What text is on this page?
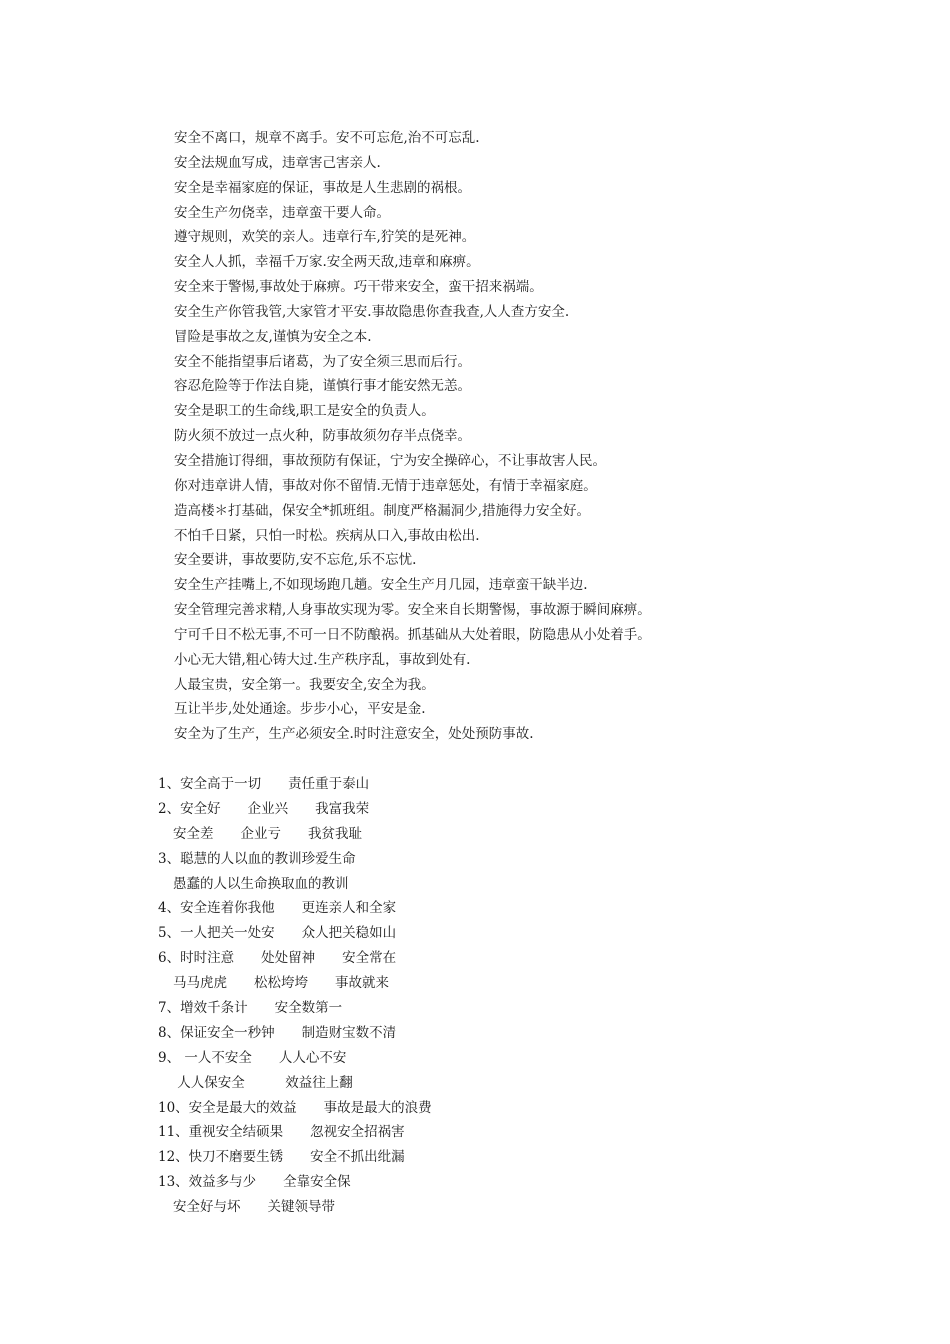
安全不离口，规章不离手。安不可忘危,治不可忘乱.
安全法规血写成，违章害己害亲人.
安全是幸福家庭的保证，事故是人生悲剧的祸根。
安全生产勿侥幸，违章蛮干要人命。
遵守规则，欢笑的亲人。违章行车,狞笑的是死神。
安全人人抓，幸福千万家.安全两天敌,违章和麻痹。
安全来于警惕,事故处于麻痹。巧干带来安全，蛮干招来祸端。
安全生产你管我管,大家管才平安.事故隐患你查我查,人人查方安全.
冒险是事故之友,谨慎为安全之本.
安全不能指望事后诸葛，为了安全须三思而后行。
容忍危险等于作法自毙，谨慎行事才能安然无恙。
安全是职工的生命线,职工是安全的负责人。
防火须不放过一点火种，防事故须勿存半点侥幸。
安全措施订得细，事故预防有保证，宁为安全操碎心，不让事故害人民。
你对违章讲人情，事故对你不留情.无情于违章惩处，有情于幸福家庭。
造高楼＊打基础，保安全*抓班组。制度严格漏洞少,措施得力安全好。
不怕千日紧，只怕一时松。疾病从口入,事故由松出.
安全要讲，事故要防,安不忘危,乐不忘忧.
安全生产挂嘴上,不如现场跑几趟。安全生产月几园，违章蛮干缺半边.
安全管理完善求精,人身事故实现为零。安全来自长期警惕，事故源于瞬间麻痹。
宁可千日不松无事,不可一日不防酿祸。抓基础从大处着眼，防隐患从小处着手。
小心无大错,粗心铸大过.生产秩序乱，事故到处有.
人最宝贵，安全第一。我要安全,安全为我。
互让半步,处处通途。步步小心，平安是金.
安全为了生产，生产必须安全.时时注意安全，处处预防事故.
1、安全高于一切　　责任重于泰山
2、安全好　　企业兴　　我富我荣
安全差　　企业亏　　我贫我耻
3、聪慧的人以血的教训珍爱生命
愚蠢的人以生命换取血的教训
4、安全连着你我他　　更连亲人和全家
5、一人把关一处安　　众人把关稳如山
6、时时注意　　处处留神　　安全常在
马马虎虎　　松松垮垮　　事故就来
7、增效千条计　　安全数第一
8、保证安全一秒钟　　制造财宝数不清
9、 一人不安全　　人人心不安
人人保安全　　　效益往上翻
10、安全是最大的效益　　事故是最大的浪费
11、重视安全结硕果　　忽视安全招祸害
12、快刀不磨要生锈　　安全不抓出纰漏
13、效益多与少　　全靠安全保
安全好与坏　　关键领导带
